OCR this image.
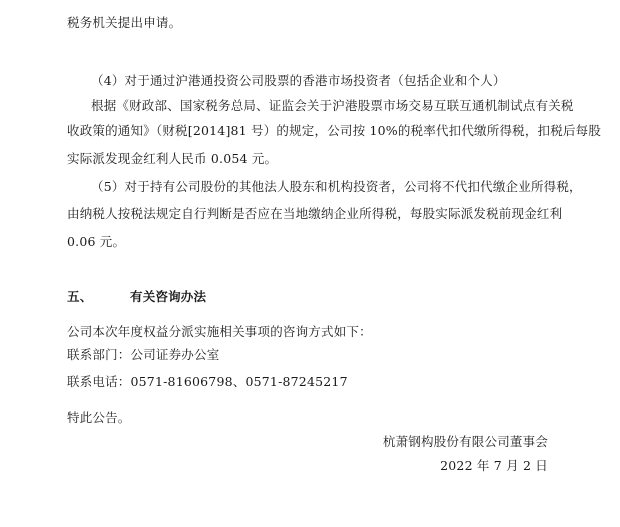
税务机关提出申请。
（4）对于通过沪港通投资公司股票的香港市场投资者（包括企业和个人）
根据《财政部、国家税务总局、证监会关于沪港股票市场交易互联互通机制试点有关税
收政策的通知》（财税[2014]81 号）的规定，公司按 10%的税率代扣代缴所得税，扣税后每股
实际派发现金红利人民币 0.054 元。
（5）对于持有公司股份的其他法人股东和机构投资者，公司将不代扣代缴企业所得税，
由纳税人按税法规定自行判断是否应在当地缴纳企业所得税，每股实际派发税前现金红利
0.06 元。
五、	有关咨询办法
公司本次年度权益分派实施相关事项的咨询方式如下：
联系部门：公司证券办公室
联系电话：0571-81606798、0571-87245217
特此公告。
杭萧钢构股份有限公司董事会
2022 年 7 月 2 日
